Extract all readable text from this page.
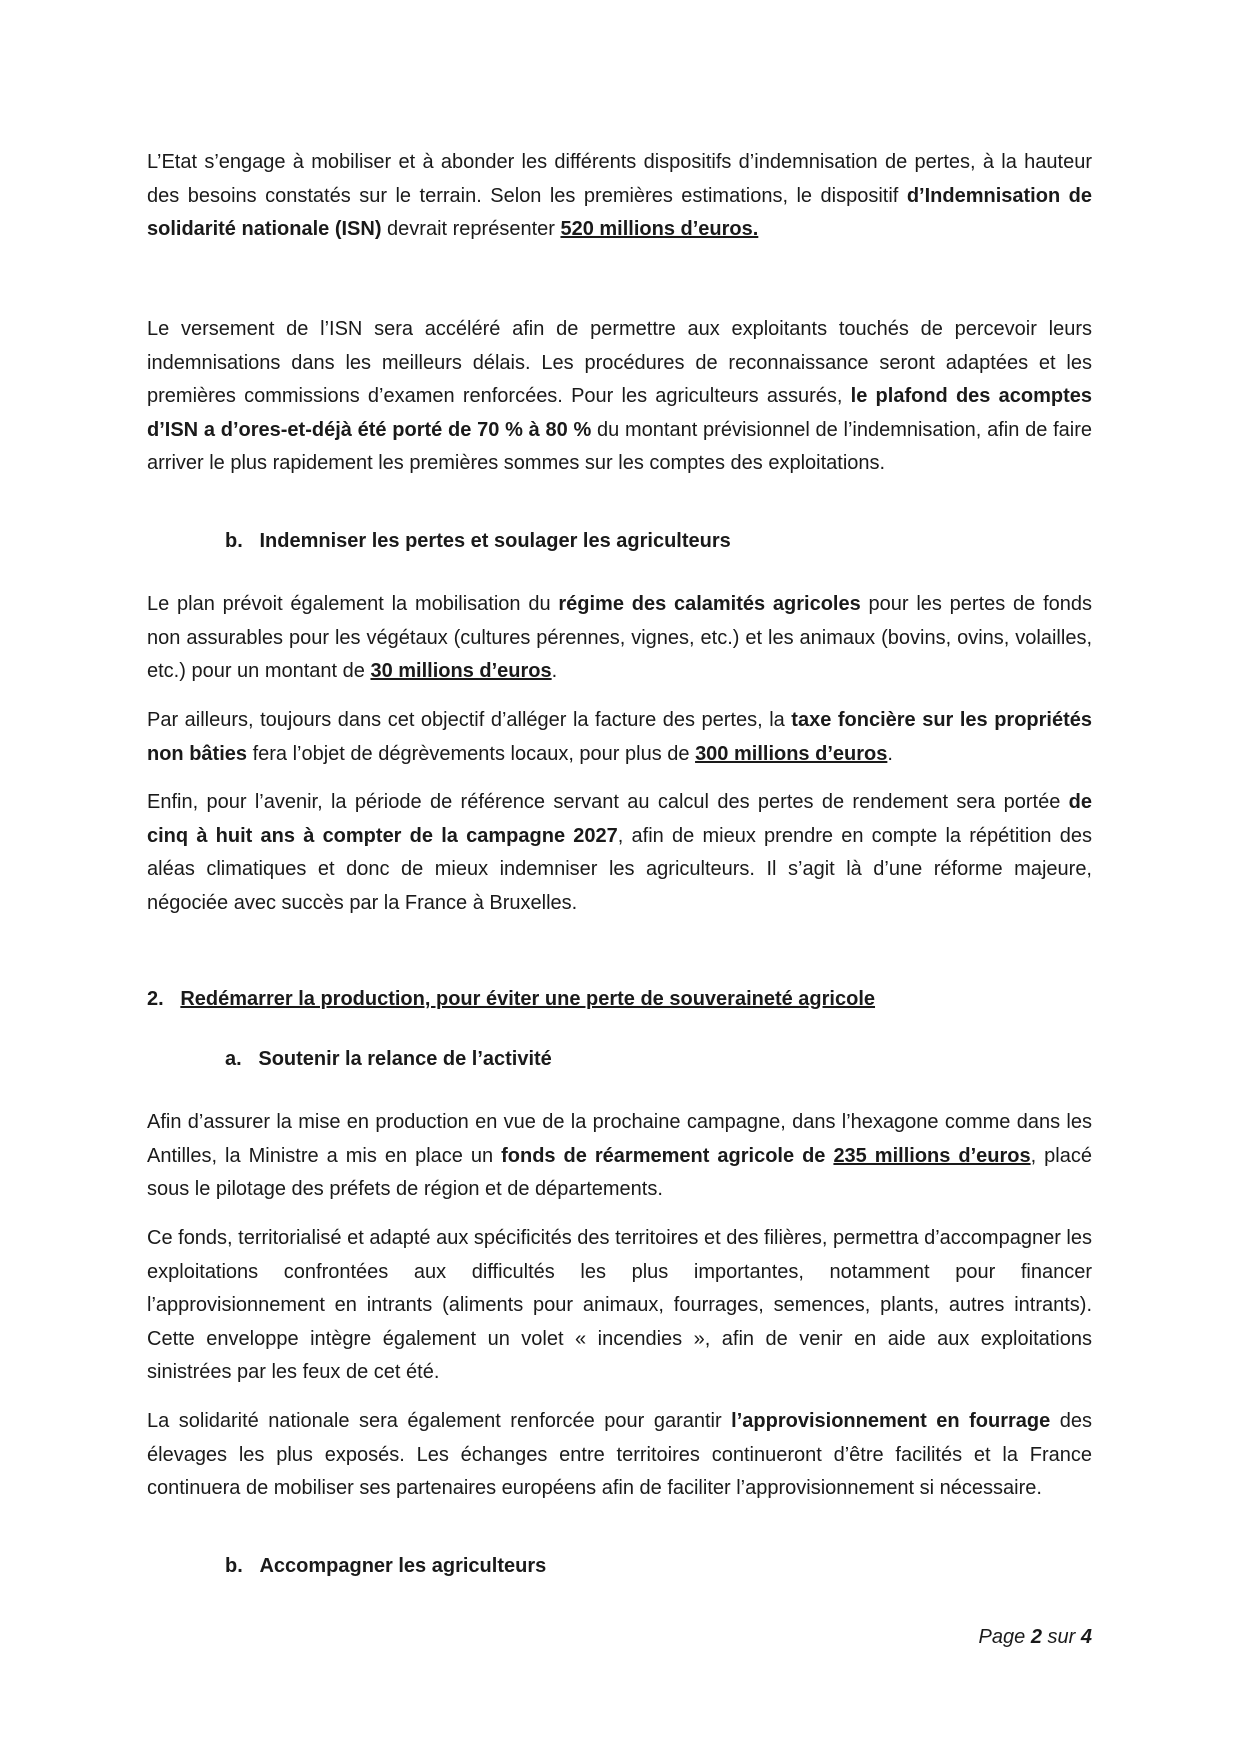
L’Etat s’engage à mobiliser et à abonder les différents dispositifs d’indemnisation de pertes, à la hauteur des besoins constatés sur le terrain. Selon les premières estimations, le dispositif d’Indemnisation de solidarité nationale (ISN) devrait représenter 520 millions d’euros.

Le versement de l’ISN sera accéléré afin de permettre aux exploitants touchés de percevoir leurs indemnisations dans les meilleurs délais. Les procédures de reconnaissance seront adaptées et les premières commissions d’examen renforcées. Pour les agriculteurs assurés, le plafond des acomptes d’ISN a d’ores-et-déjà été porté de 70 % à 80 % du montant prévisionnel de l’indemnisation, afin de faire arriver le plus rapidement les premières sommes sur les comptes des exploitations.

b. Indemniser les pertes et soulager les agriculteurs

Le plan prévoit également la mobilisation du régime des calamités agricoles pour les pertes de fonds non assurables pour les végétaux (cultures pérennes, vignes, etc.) et les animaux (bovins, ovins, volailles, etc.) pour un montant de 30 millions d’euros.

Par ailleurs, toujours dans cet objectif d’alléger la facture des pertes, la taxe foncière sur les propriétés non bâties fera l’objet de dégrèvements locaux, pour plus de 300 millions d’euros.

Enfin, pour l’avenir, la période de référence servant au calcul des pertes de rendement sera portée de cinq à huit ans à compter de la campagne 2027, afin de mieux prendre en compte la répétition des aléas climatiques et donc de mieux indemniser les agriculteurs. Il s’agit là d’une réforme majeure, négociée avec succès par la France à Bruxelles.

2. Redémarrer la production, pour éviter une perte de souveraineté agricole

a. Soutenir la relance de l’activité

Afin d’assurer la mise en production en vue de la prochaine campagne, dans l’hexagone comme dans les Antilles, la Ministre a mis en place un fonds de réarmement agricole de 235 millions d’euros, placé sous le pilotage des préfets de région et de départements.

Ce fonds, territorialisé et adapté aux spécificités des territoires et des filières, permettra d’accompagner les exploitations confrontées aux difficultés les plus importantes, notamment pour financer l’approvisionnement en intrants (aliments pour animaux, fourrages, semences, plants, autres intrants). Cette enveloppe intègre également un volet « incendies », afin de venir en aide aux exploitations sinistrées par les feux de cet été.

La solidarité nationale sera également renforcée pour garantir l’approvisionnement en fourrage des élevages les plus exposés. Les échanges entre territoires continueront d’être facilités et la France continuera de mobiliser ses partenaires européens afin de faciliter l’approvisionnement si nécessaire.

b. Accompagner les agriculteurs

Page 2 sur 4
